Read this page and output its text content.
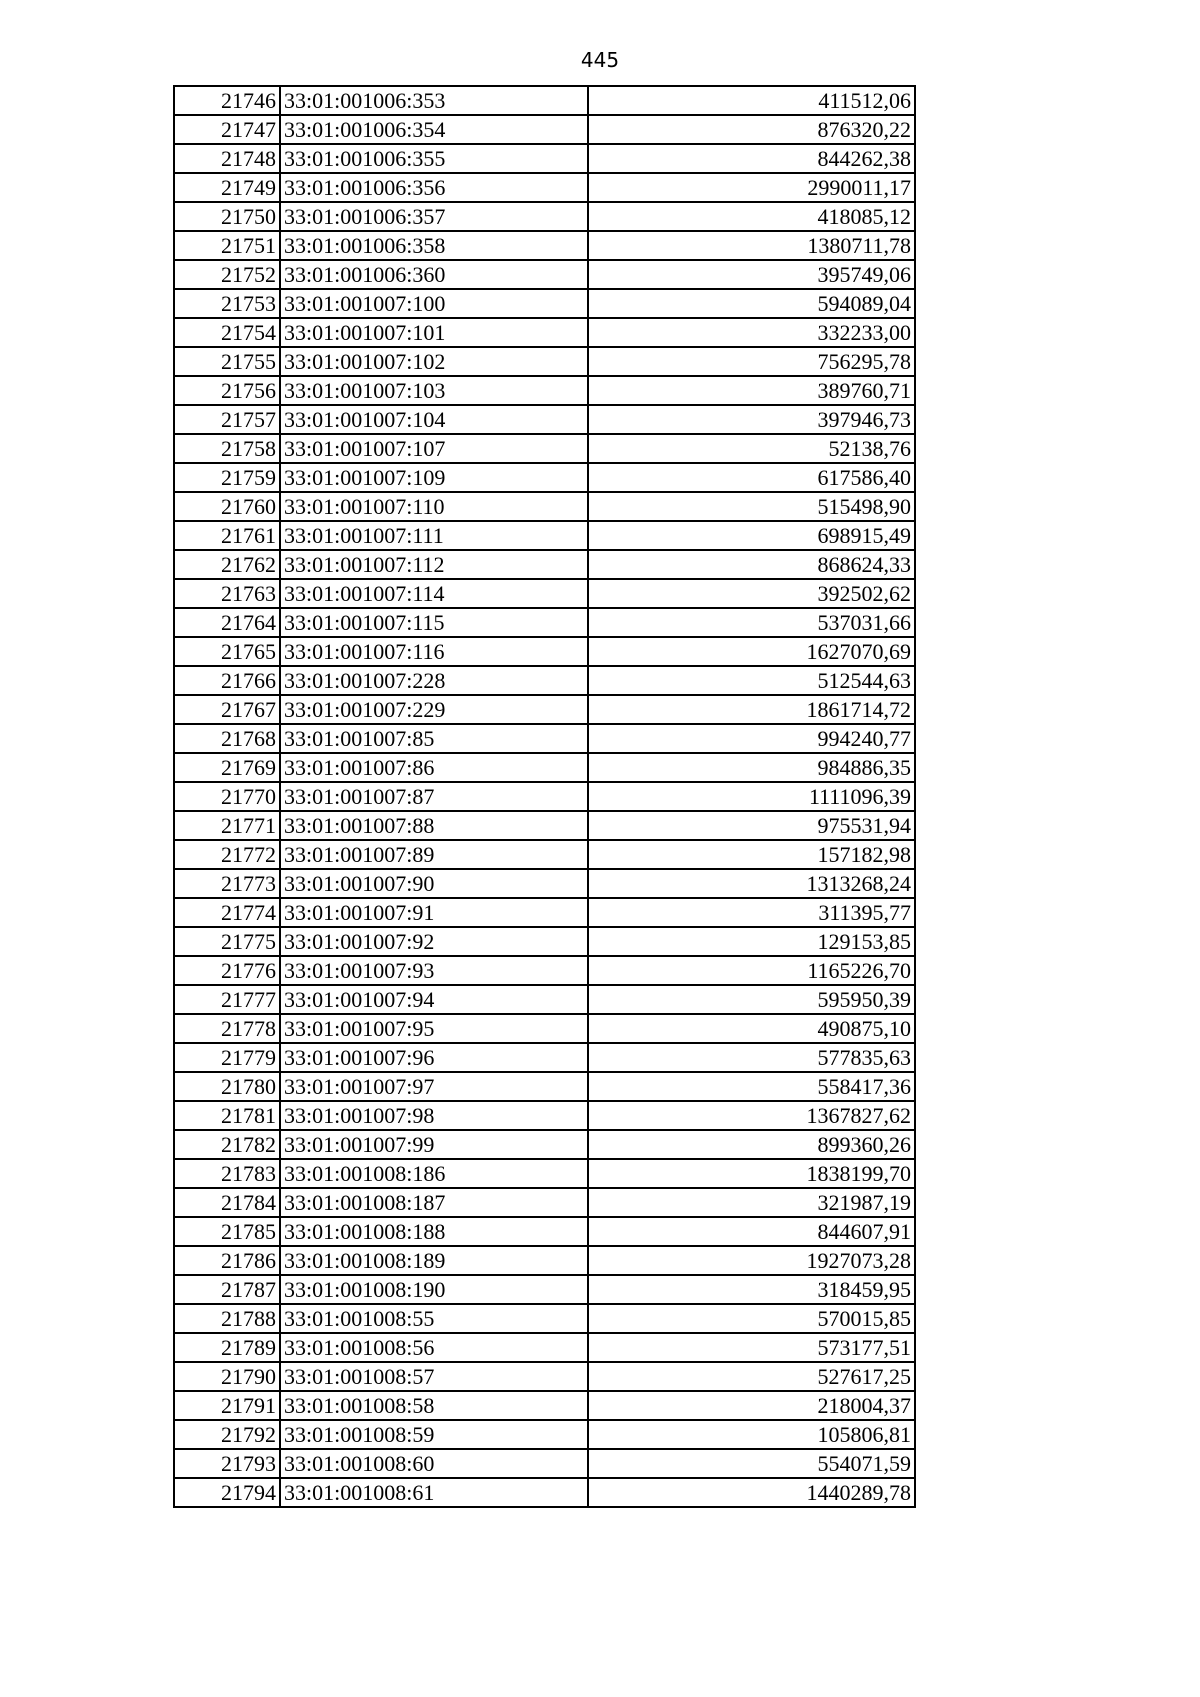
445
21746	33:01:001006:353	411512,06
21747	33:01:001006:354	876320,22
21748	33:01:001006:355	844262,38
21749	33:01:001006:356	2990011,17
21750	33:01:001006:357	418085,12
21751	33:01:001006:358	1380711,78
21752	33:01:001006:360	395749,06
21753	33:01:001007:100	594089,04
21754	33:01:001007:101	332233,00
21755	33:01:001007:102	756295,78
21756	33:01:001007:103	389760,71
21757	33:01:001007:104	397946,73
21758	33:01:001007:107	52138,76
21759	33:01:001007:109	617586,40
21760	33:01:001007:110	515498,90
21761	33:01:001007:111	698915,49
21762	33:01:001007:112	868624,33
21763	33:01:001007:114	392502,62
21764	33:01:001007:115	537031,66
21765	33:01:001007:116	1627070,69
21766	33:01:001007:228	512544,63
21767	33:01:001007:229	1861714,72
21768	33:01:001007:85	994240,77
21769	33:01:001007:86	984886,35
21770	33:01:001007:87	1111096,39
21771	33:01:001007:88	975531,94
21772	33:01:001007:89	157182,98
21773	33:01:001007:90	1313268,24
21774	33:01:001007:91	311395,77
21775	33:01:001007:92	129153,85
21776	33:01:001007:93	1165226,70
21777	33:01:001007:94	595950,39
21778	33:01:001007:95	490875,10
21779	33:01:001007:96	577835,63
21780	33:01:001007:97	558417,36
21781	33:01:001007:98	1367827,62
21782	33:01:001007:99	899360,26
21783	33:01:001008:186	1838199,70
21784	33:01:001008:187	321987,19
21785	33:01:001008:188	844607,91
21786	33:01:001008:189	1927073,28
21787	33:01:001008:190	318459,95
21788	33:01:001008:55	570015,85
21789	33:01:001008:56	573177,51
21790	33:01:001008:57	527617,25
21791	33:01:001008:58	218004,37
21792	33:01:001008:59	105806,81
21793	33:01:001008:60	554071,59
21794	33:01:001008:61	1440289,78
